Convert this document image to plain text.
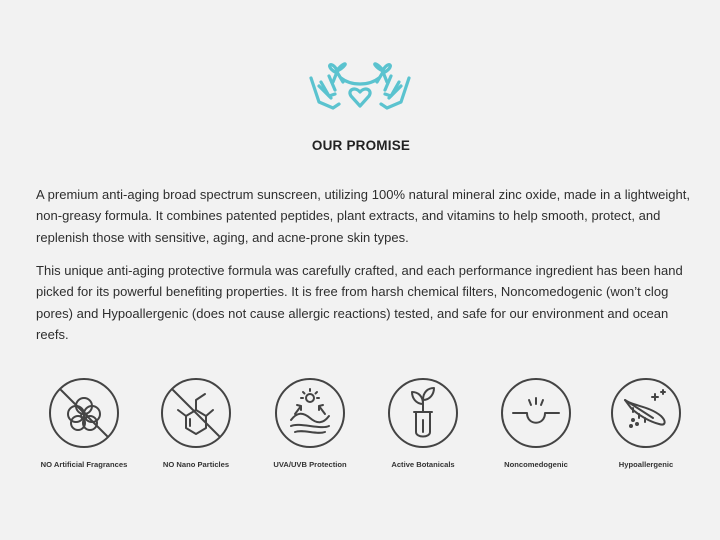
OUR PROMISE

A premium anti-aging broad spectrum sunscreen, utilizing 100% natural mineral zinc oxide, made in a lightweight, non-greasy formula. It combines patented peptides, plant extracts, and vitamins to help smooth, protect, and replenish those with sensitive, aging, and acne-prone skin types.

This unique anti-aging protective formula was carefully crafted, and each performance ingredient has been hand picked for its powerful benefiting properties. It is free from harsh chemical filters, Noncomedogenic (won’t clog pores) and Hypoallergenic (does not cause allergic reactions) tested, and safe for our environment and ocean reefs.

NO Artificial Fragrances	NO Nano Particles	UVA/UVB Protection	Active Botanicals	Noncomedogenic	Hypoallergenic
